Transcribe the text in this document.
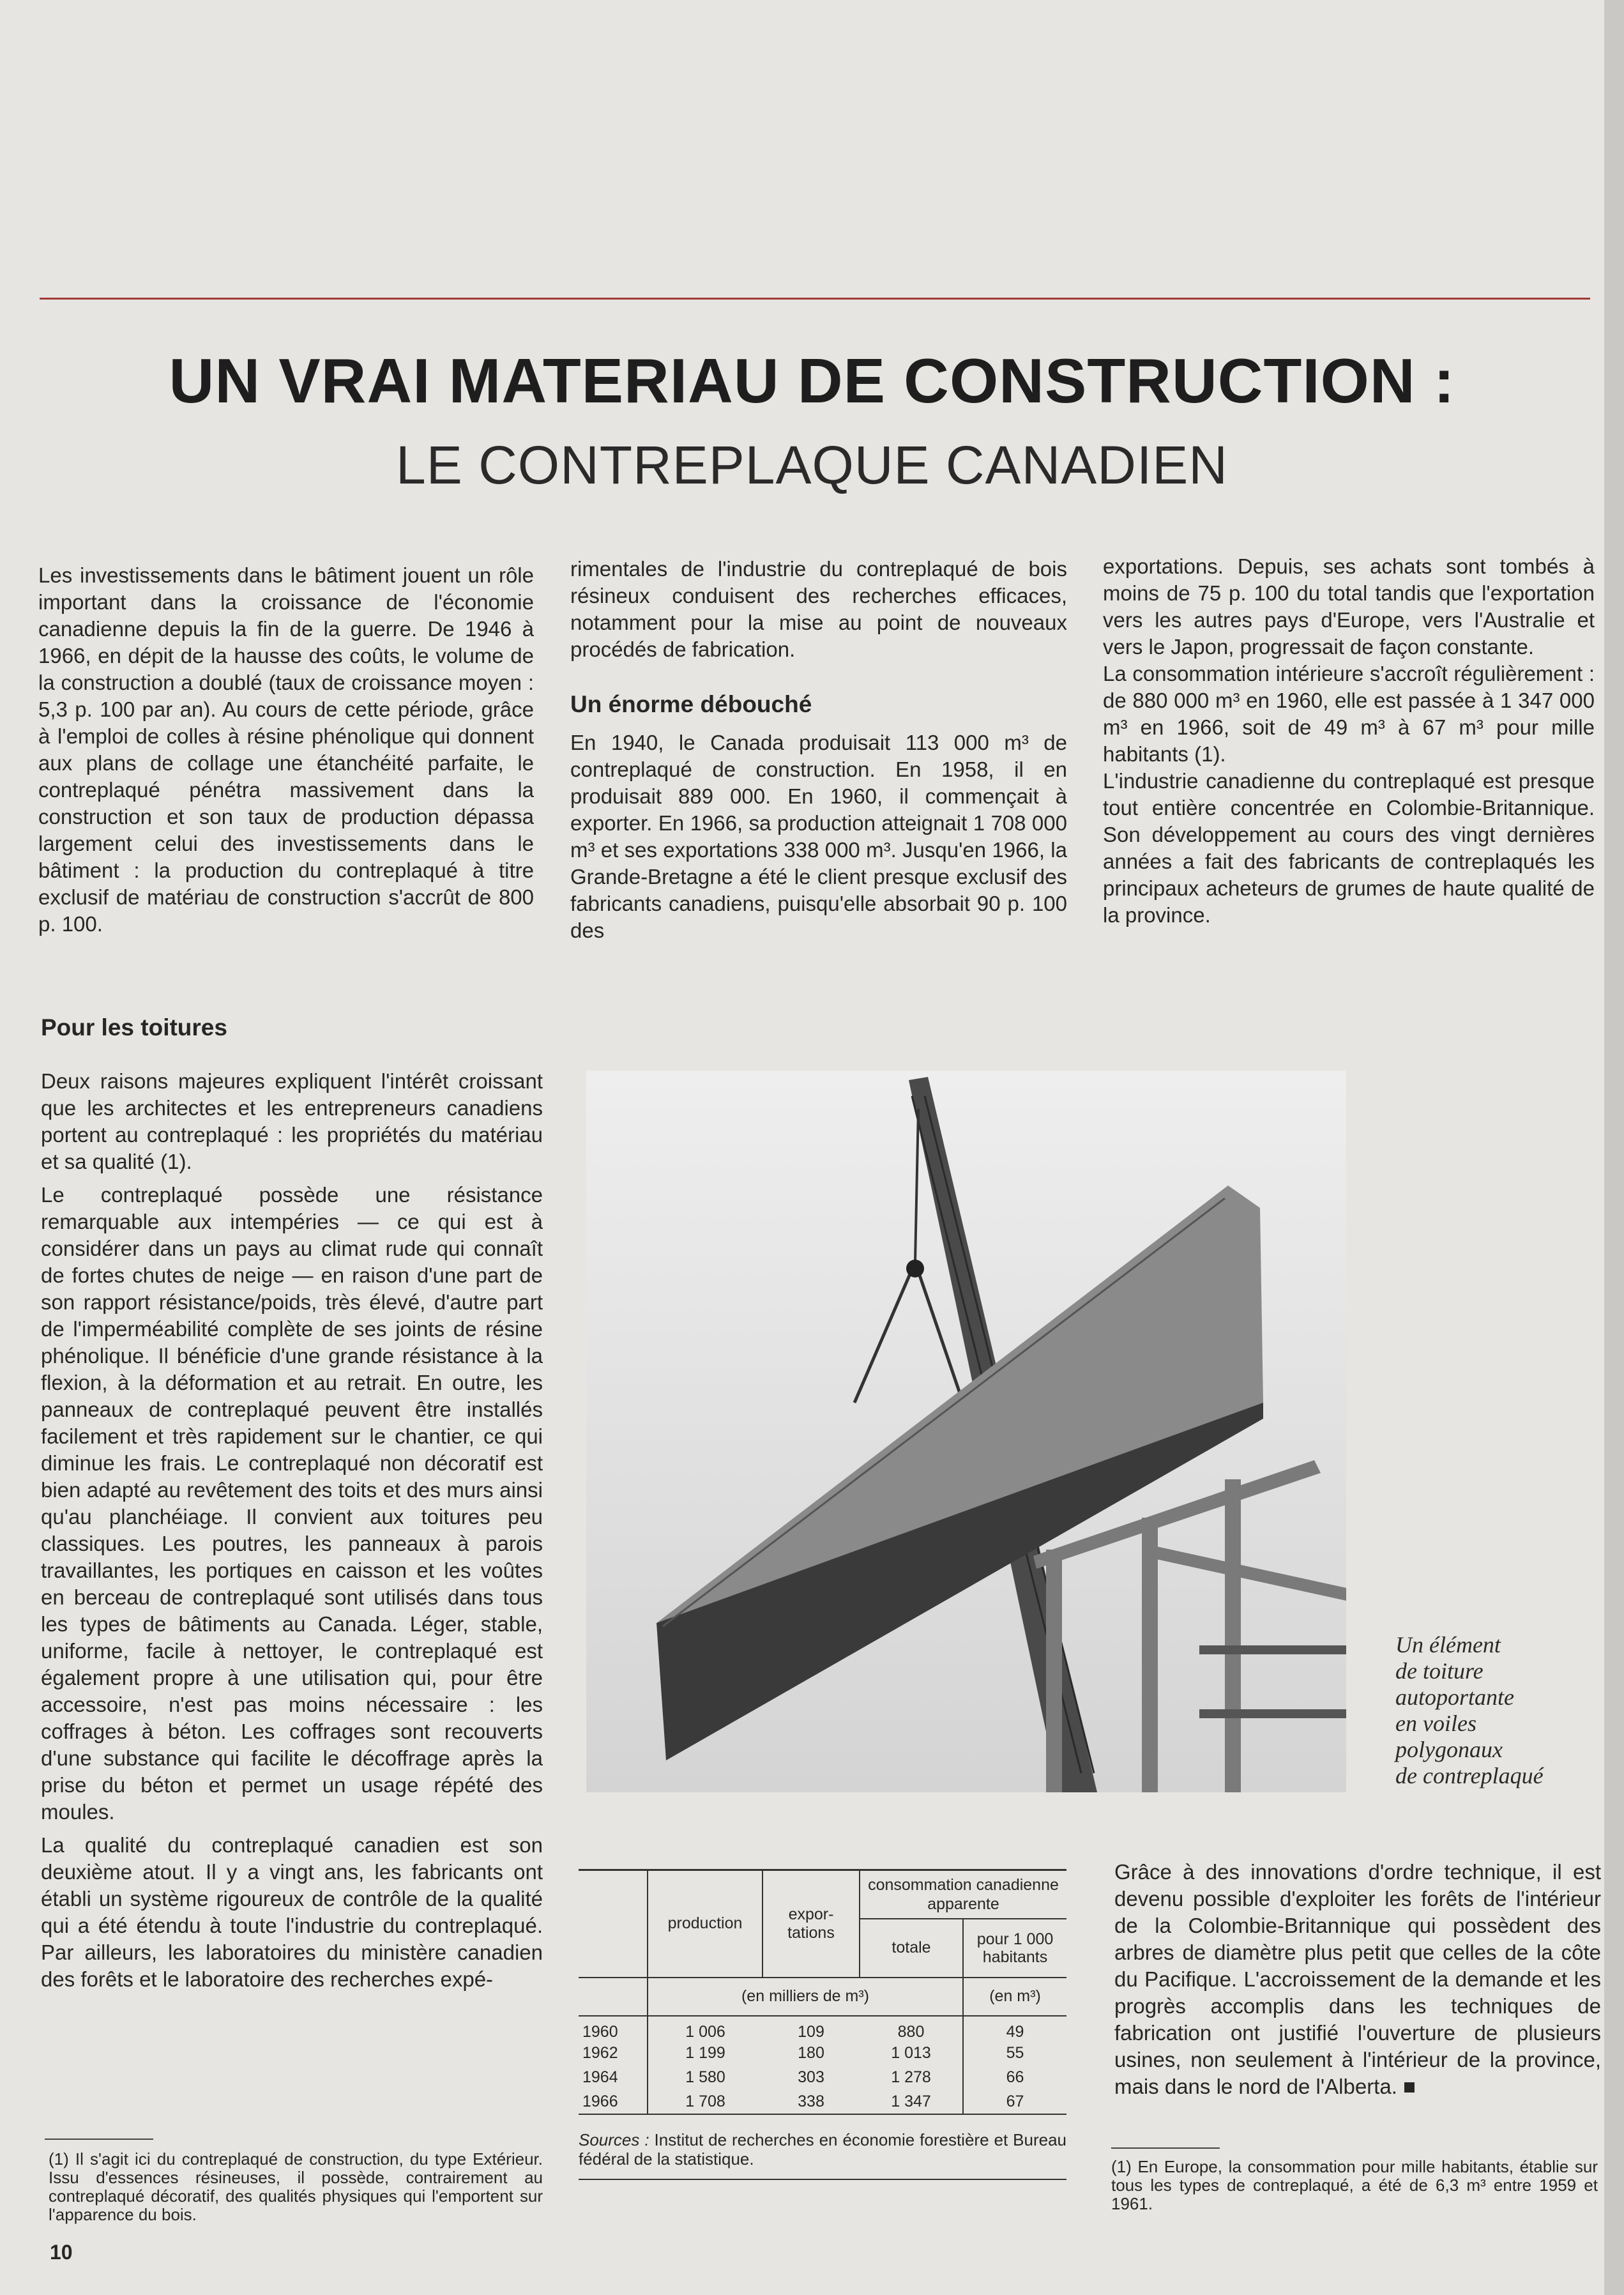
UN VRAI MATERIAU DE CONSTRUCTION :
LE CONTREPLAQUE CANADIEN

Les investissements dans le bâtiment jouent un rôle important dans la croissance de l'économie canadienne depuis la fin de la guerre. De 1946 à 1966, en dépit de la hausse des coûts, le volume de la construction a doublé (taux de croissance moyen : 5,3 p. 100 par an). Au cours de cette période, grâce à l'emploi de colles à résine phénolique qui donnent aux plans de collage une étanchéité parfaite, le contreplaqué pénétra massivement dans la construction et son taux de production dépassa largement celui des investissements dans le bâtiment : la production du contreplaqué à titre exclusif de matériau de construction s'accrût de 800 p. 100.

Pour les toitures

Deux raisons majeures expliquent l'intérêt croissant que les architectes et les entrepreneurs canadiens portent au contreplaqué : les propriétés du matériau et sa qualité (1).

Le contreplaqué possède une résistance remarquable aux intempéries — ce qui est à considérer dans un pays au climat rude qui connaît de fortes chutes de neige — en raison d'une part de son rapport résistance/poids, très élevé, d'autre part de l'imperméabilité complète de ses joints de résine phénolique. Il bénéficie d'une grande résistance à la flexion, à la déformation et au retrait. En outre, les panneaux de contreplaqué peuvent être installés facilement et très rapidement sur le chantier, ce qui diminue les frais. Le contreplaqué non décoratif est bien adapté au revêtement des toits et des murs ainsi qu'au planchéiage. Il convient aux toitures peu classiques. Les poutres, les panneaux à parois travaillantes, les portiques en caisson et les voûtes en berceau de contreplaqué sont utilisés dans tous les types de bâtiments au Canada. Léger, stable, uniforme, facile à nettoyer, le contreplaqué est également propre à une utilisation qui, pour être accessoire, n'est pas moins nécessaire : les coffrages à béton. Les coffrages sont recouverts d'une substance qui facilite le décoffrage après la prise du béton et permet un usage répété des moules.

La qualité du contreplaqué canadien est son deuxième atout. Il y a vingt ans, les fabricants ont établi un système rigoureux de contrôle de la qualité qui a été étendu à toute l'industrie du contreplaqué. Par ailleurs, les laboratoires du ministère canadien des forêts et le laboratoire des recherches expé-

(1) Il s'agit ici du contreplaqué de construction, du type Extérieur. Issu d'essences résineuses, il possède, contrairement au contreplaqué décoratif, des qualités physiques qui l'emportent sur l'apparence du bois.

rimentales de l'industrie du contreplaqué de bois résineux conduisent des recherches efficaces, notamment pour la mise au point de nouveaux procédés de fabrication.

Un énorme débouché

En 1940, le Canada produisait 113 000 m³ de contreplaqué de construction. En 1958, il en produisait 889 000. En 1960, il commençait à exporter. En 1966, sa production atteignait 1 708 000 m³ et ses exportations 338 000 m³. Jusqu'en 1966, la Grande-Bretagne a été le client presque exclusif des fabricants canadiens, puisqu'elle absorbait 90 p. 100 des

exportations. Depuis, ses achats sont tombés à moins de 75 p. 100 du total tandis que l'exportation vers les autres pays d'Europe, vers l'Australie et vers le Japon, progressait de façon constante.

La consommation intérieure s'accroît régulièrement : de 880 000 m³ en 1960, elle est passée à 1 347 000 m³ en 1966, soit de 49 m³ à 67 m³ pour mille habitants (1).

L'industrie canadienne du contreplaqué est presque tout entière concentrée en Colombie-Britannique. Son développement au cours des vingt dernières années a fait des fabricants de contreplaqués les principaux acheteurs de grumes de haute qualité de la province.

Un élément
de toiture
autoportante
en voiles
polygonaux
de contreplaqué
	production	expor-tations	consommation canadienne apparente	
			totale	pour 1 000 habitants
	(en milliers de m³)			(en m³)
1960	1 006	109	880	49
1962	1 199	180	1 013	55
1964	1 580	303	1 278	66
1966	1 708	338	1 347	67
Sources : Institut de recherches en économie forestière et Bureau fédéral de la statistique.

Grâce à des innovations d'ordre technique, il est devenu possible d'exploiter les forêts de l'intérieur de la Colombie-Britannique qui possèdent des arbres de diamètre plus petit que celles de la côte du Pacifique. L'accroissement de la demande et les progrès accomplis dans les techniques de fabrication ont justifié l'ouverture de plusieurs usines, non seulement à l'intérieur de la province, mais dans le nord de l'Alberta. ■

(1) En Europe, la consommation pour mille habitants, établie sur tous les types de contreplaqué, a été de 6,3 m³ entre 1959 et 1961.
10
